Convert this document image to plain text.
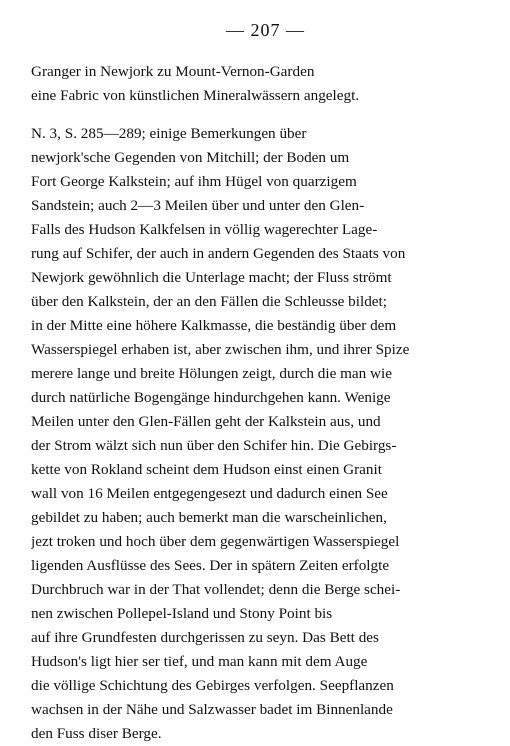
— 207 —
Granger in Newjork zu Mount-Vernon-Garden
eine Fabric von künstlichen Mineralwässern angelegt.
N. 3, S. 285—289; einige Bemerkungen über
newjork'sche Gegenden von Mitchill; der Boden um
Fort George Kalkstein; auf ihm Hügel von quarzigem
Sandstein; auch 2—3 Meilen über und unter den Glen-
Falls des Hudson Kalkfelsen in völlig wagerechter Lage-
rung auf Schifer, der auch in andern Gegenden des Staats von
Newjork gewöhnlich die Unterlage macht; der Fluss strömt
über den Kalkstein, der an den Fällen die Schleusse bildet;
in der Mitte eine höhere Kalkmasse, die beständig über dem
Wasserspiegel erhaben ist, aber zwischen ihm, und ihrer Spize
merere lange und breite Hölungen zeigt, durch die man wie
durch natürliche Bogengänge hindurchgehen kann. Wenige
Meilen unter den Glen-Fällen geht der Kalkstein aus, und
der Strom wälzt sich nun über den Schifer hin. Die Gebirgs-
kette von Rokland scheint dem Hudson einst einen Granit
wall von 16 Meilen entgegengesezt und dadurch einen See
gebildet zu haben; auch bemerkt man die warscheinlichen,
jezt troken und hoch über dem gegenwärtigen Wasserspiegel
ligenden Ausflüsse des Sees. Der in spätern Zeiten erfolgte
Durchbruch war in der That vollendet; denn die Berge schei-
nen zwischen Pollepel-Island und Stony Point bis
auf ihre Grundfesten durchgerissen zu seyn. Das Bett des
Hudson's ligt hier ser tief, und man kann mit dem Auge
die völlige Schichtung des Gebirges verfolgen. Seepflanzen
wachsen in der Nähe und Salzwasser badet im Binnenlande
den Fuss diser Berge.
